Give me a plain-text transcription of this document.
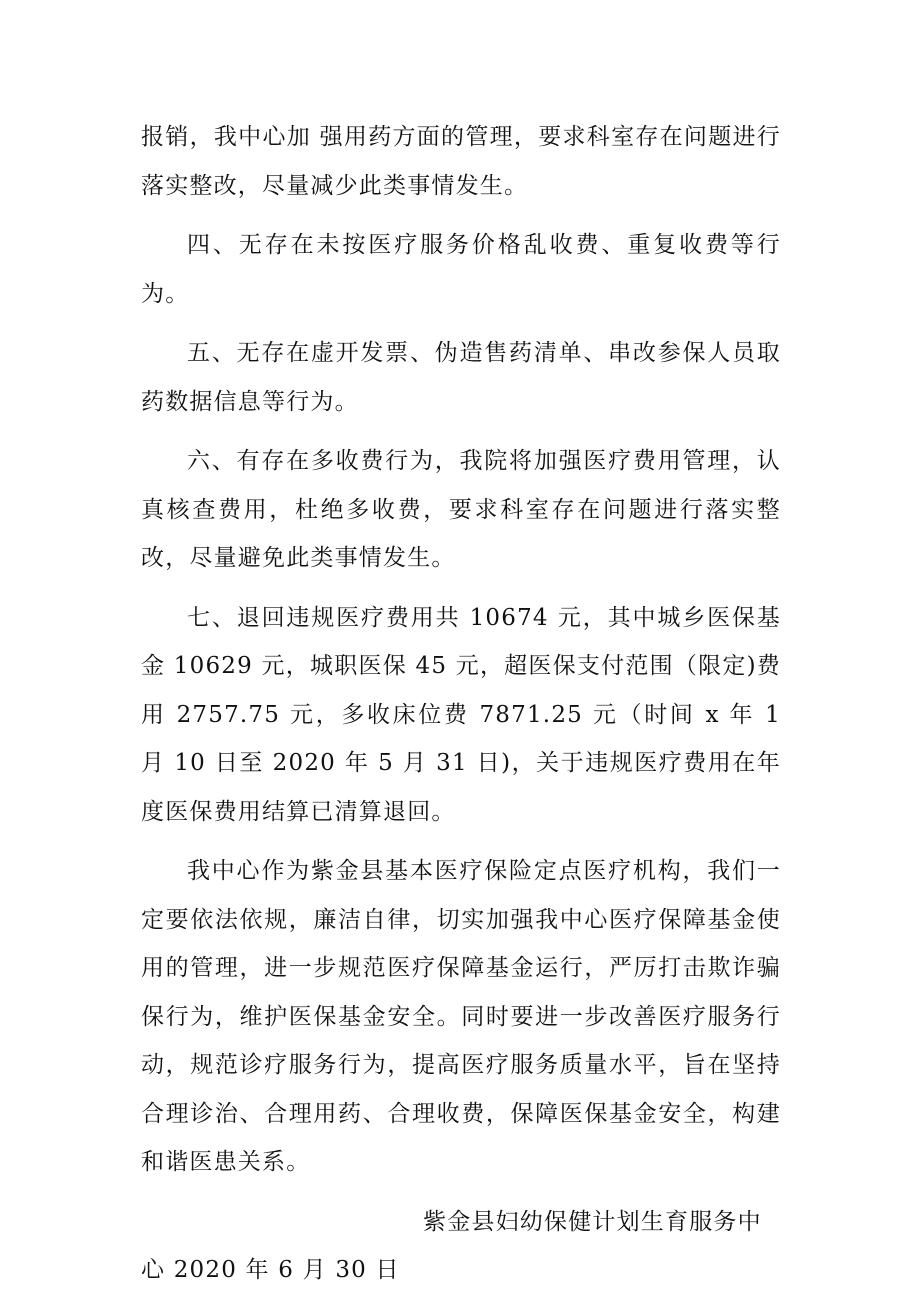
报销，我中心加 强用药方面的管理，要求科室存在问题进行落实整改，尽量减少此类事情发生。

四、无存在未按医疗服务价格乱收费、重复收费等行为。

五、无存在虚开发票、伪造售药清单、串改参保人员取药数据信息等行为。

六、有存在多收费行为，我院将加强医疗费用管理，认真核查费用，杜绝多收费，要求科室存在问题进行落实整改，尽量避免此类事情发生。

七、退回违规医疗费用共 10674 元，其中城乡医保基金 10629 元，城职医保 45 元，超医保支付范围（限定)费用 2757.75 元，多收床位费 7871.25 元（时间 x 年 1 月 10 日至 2020 年 5 月 31 日)，关于违规医疗费用在年度医保费用结算已清算退回。

我中心作为紫金县基本医疗保险定点医疗机构，我们一定要依法依规，廉洁自律，切实加强我中心医疗保障基金使用的管理，进一步规范医疗保障基金运行，严厉打击欺诈骗保行为，维护医保基金安全。同时要进一步改善医疗服务行动，规范诊疗服务行为，提高医疗服务质量水平，旨在坚持合理诊治、合理用药、合理收费，保障医保基金安全，构建和谐医患关系。

紫金县妇幼保健计划生育服务中
心 2020 年 6 月 30 日
